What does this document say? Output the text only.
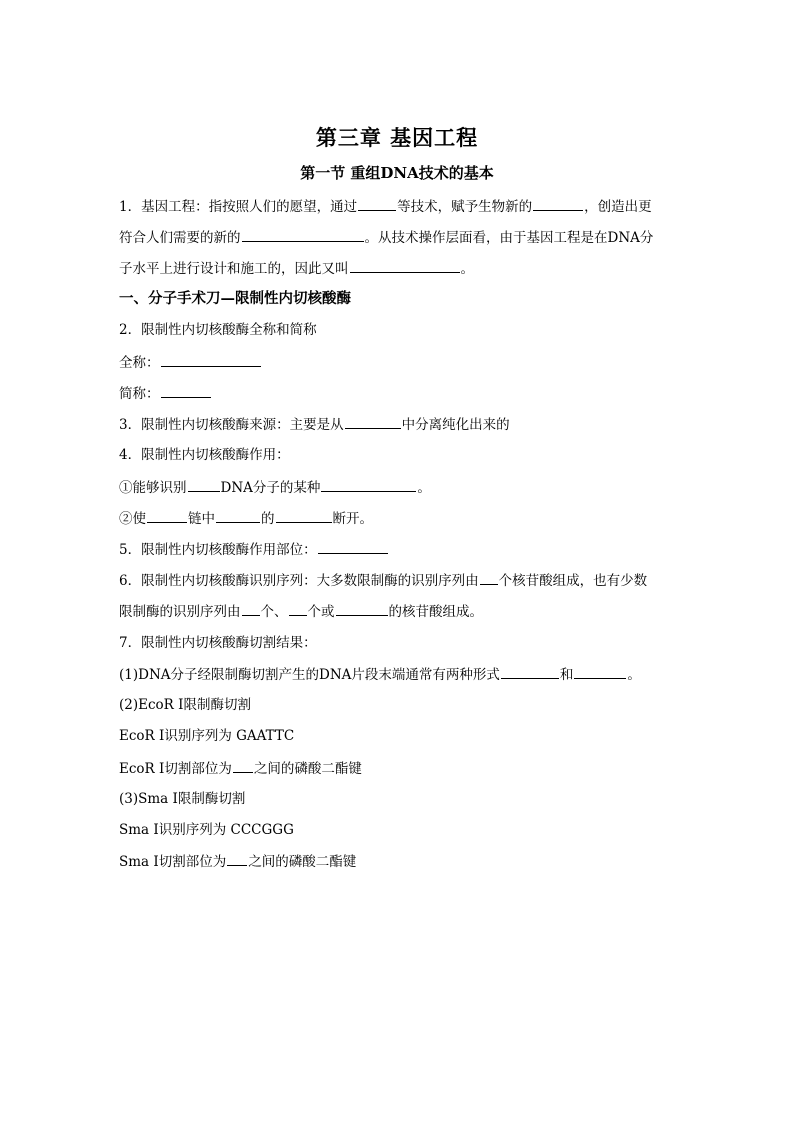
第三章 基因工程
第一节 重组DNA技术的基本
1．基因工程：指按照人们的愿望，通过	等技术，赋予生物新的	，创造出更
符合人们需要的新的	。从技术操作层面看，由于基因工程是在DNA分
子水平上进行设计和施工的，因此又叫	。
一、分子手术刀—限制性内切核酸酶
2．限制性内切核酸酶全称和简称
全称：
简称：
3．限制性内切核酸酶来源：主要是从	中分离纯化出来的
4．限制性内切核酸酶作用：
①能够识别	DNA分子的某种	。
②使	链中	的	断开。
5．限制性内切核酸酶作用部位：
6．限制性内切核酸酶识别序列：大多数限制酶的识别序列由 个核苷酸组成，也有少数
限制酶的识别序列由 个、 个或	的核苷酸组成。
7．限制性内切核酸酶切割结果：
(1)DNA分子经限制酶切割产生的DNA片段末端通常有两种形式	和	。
(2)EcoR I限制酶切割
EcoR I识别序列为 GAATTC
EcoR I切割部位为 之间的磷酸二酯键
(3)Sma I限制酶切割
Sma I识别序列为 CCCGGG
Sma I切割部位为 之间的磷酸二酯键
